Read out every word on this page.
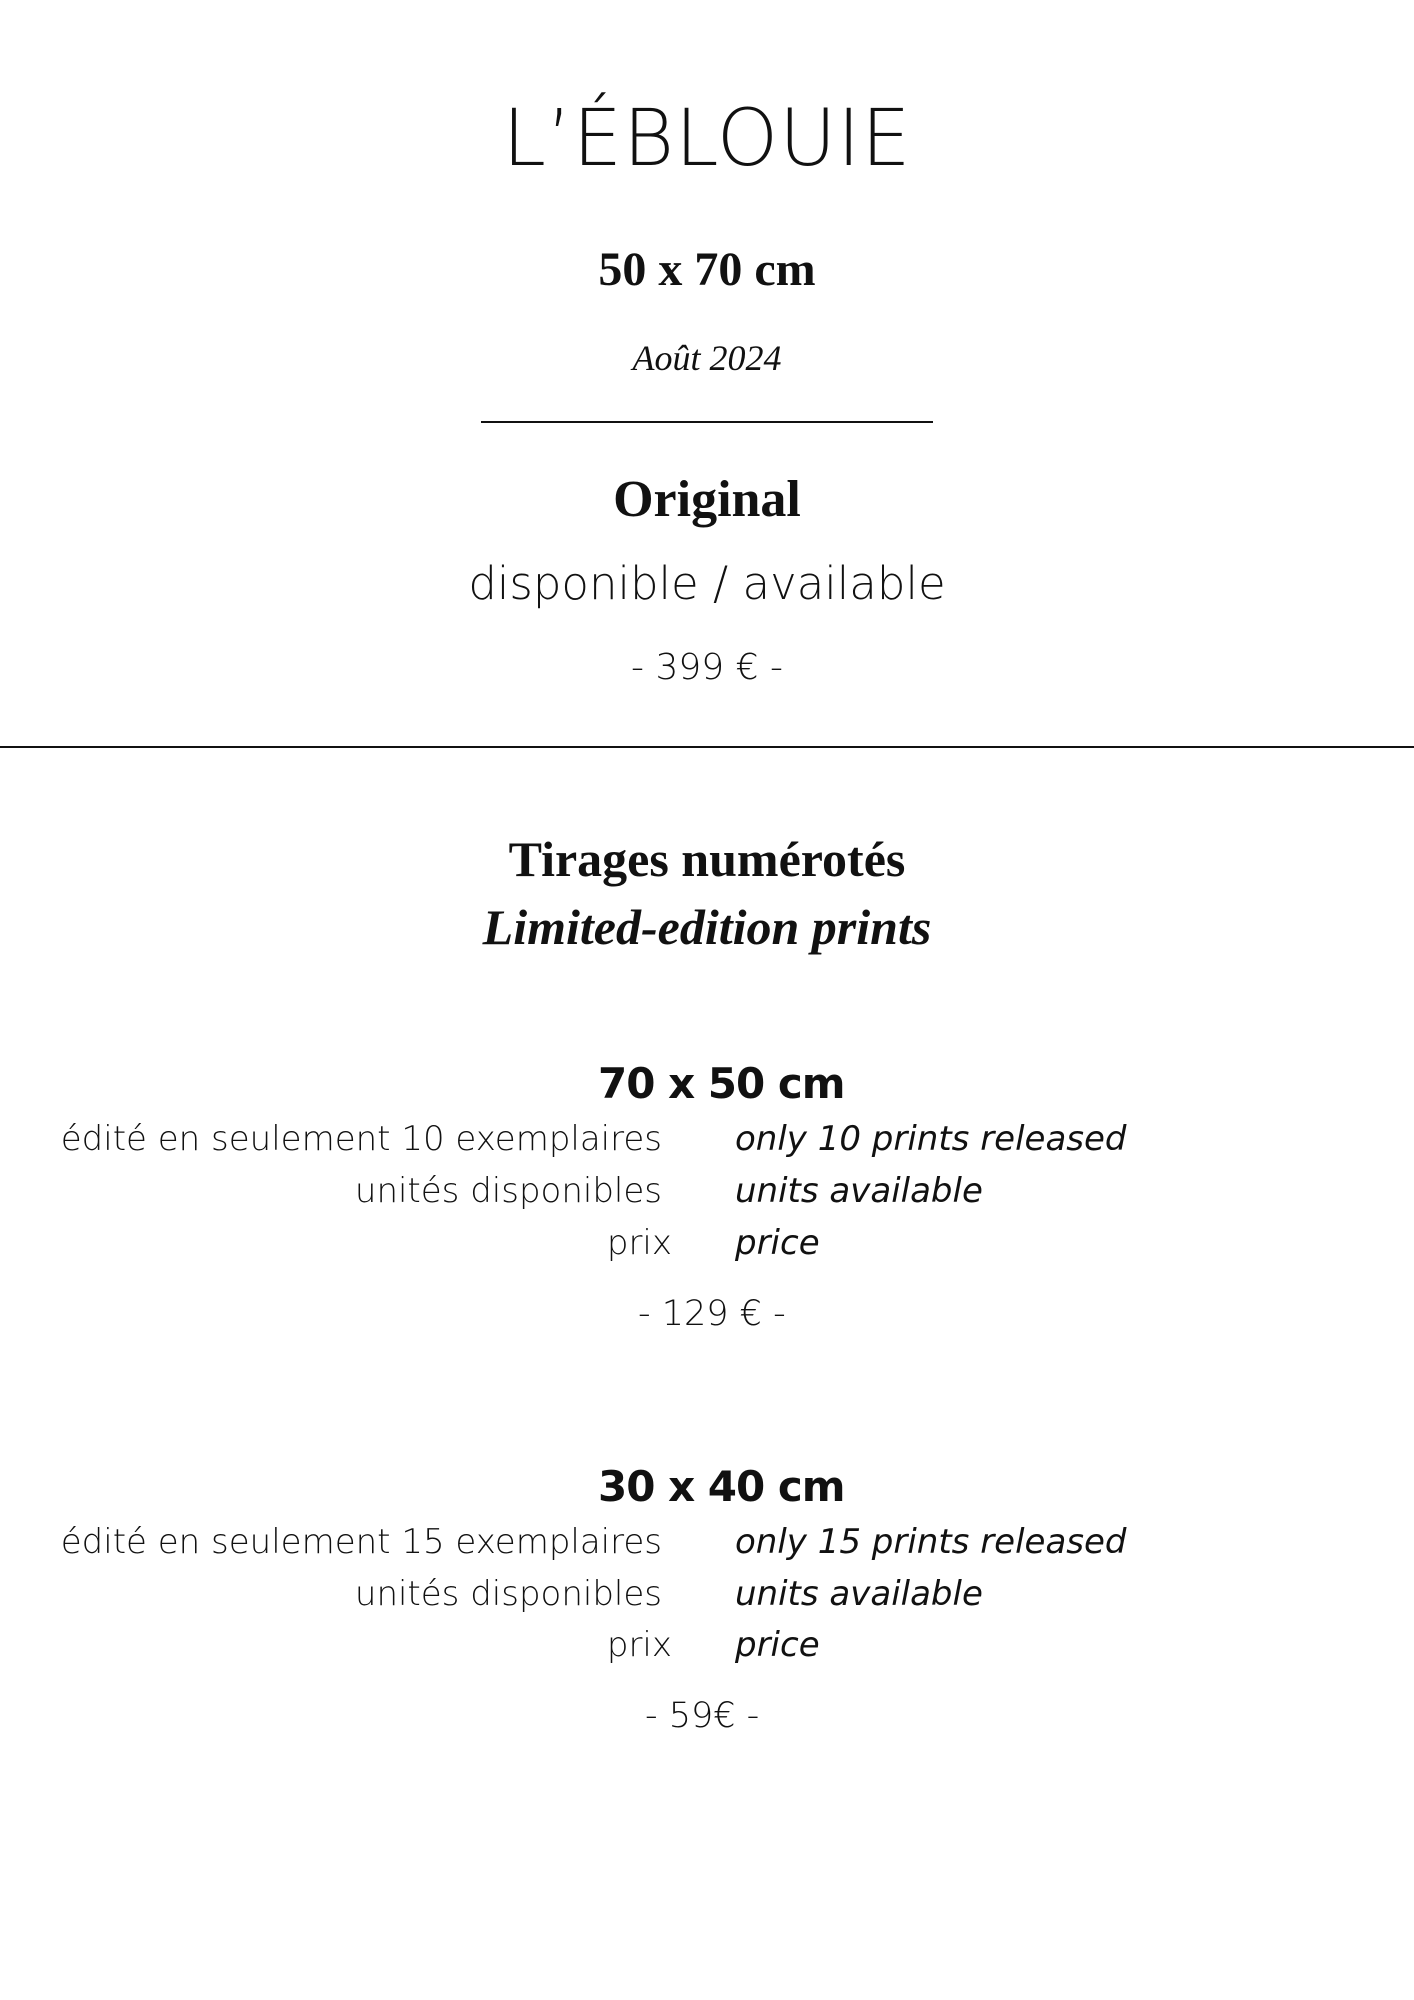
L’ÉBLOUIE
50 x 70 cm
Août 2024
Original
disponible / available
- 399 € -
Tirages numérotés
Limited-edition prints
70 x 50 cm
édité en seulement 10 exemplaires only 10 prints released
unités disponibles units available
prix price
- 129 € -
30 x 40 cm
édité en seulement 15 exemplaires only 15 prints released
unités disponibles units available
prix price
- 59€ -
